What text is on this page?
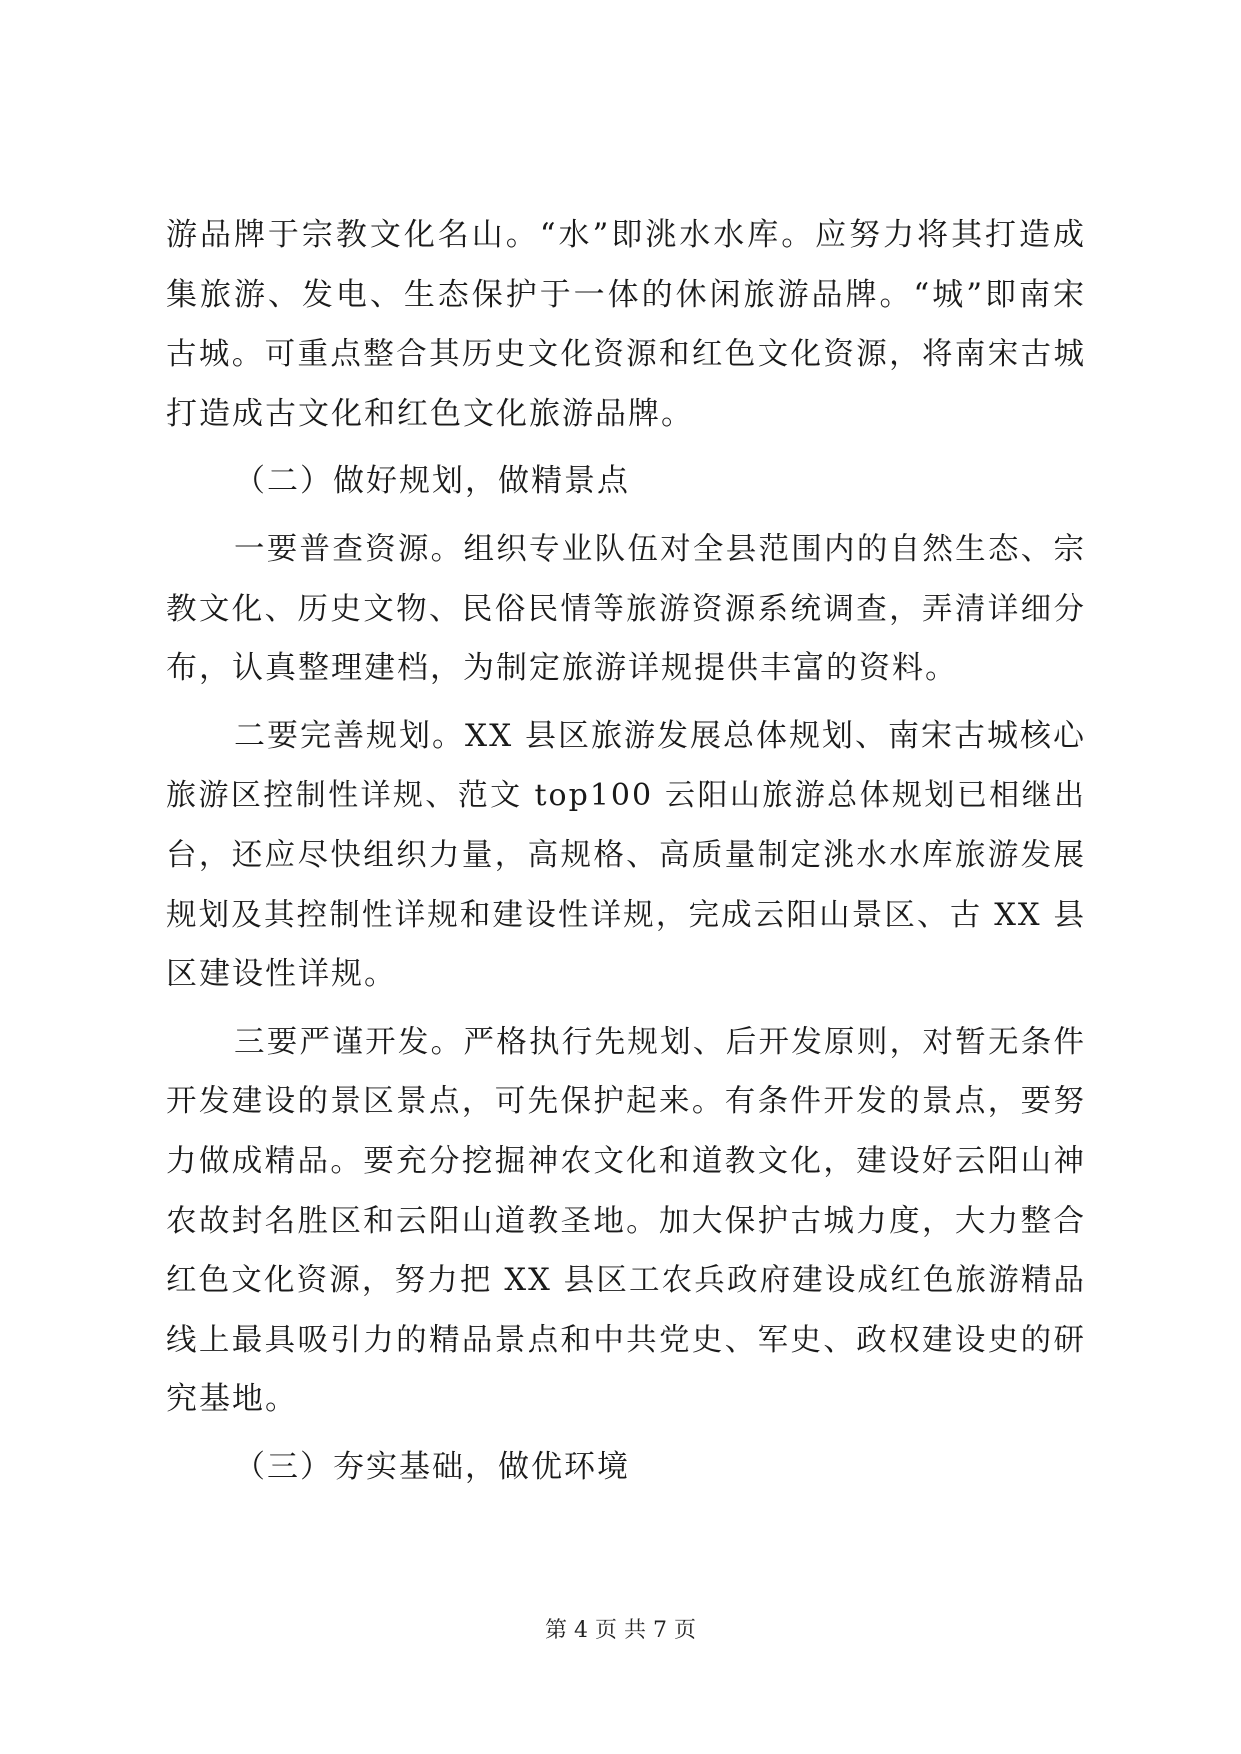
游品牌于宗教文化名山。“水”即洮水水库。应努力将其打造成
集旅游、发电、生态保护于一体的休闲旅游品牌。“城”即南宋
古城。可重点整合其历史文化资源和红色文化资源，将南宋古城
打造成古文化和红色文化旅游品牌。
（二）做好规划，做精景点
一要普查资源。组织专业队伍对全县范围内的自然生态、宗
教文化、历史文物、民俗民情等旅游资源系统调查，弄清详细分
布，认真整理建档，为制定旅游详规提供丰富的资料。
二要完善规划。XX 县区旅游发展总体规划、南宋古城核心
旅游区控制性详规、范文 top100 云阳山旅游总体规划已相继出
台，还应尽快组织力量，高规格、高质量制定洮水水库旅游发展
规划及其控制性详规和建设性详规，完成云阳山景区、古 XX 县
区建设性详规。
三要严谨开发。严格执行先规划、后开发原则，对暂无条件
开发建设的景区景点，可先保护起来。有条件开发的景点，要努
力做成精品。要充分挖掘神农文化和道教文化，建设好云阳山神
农故封名胜区和云阳山道教圣地。加大保护古城力度，大力整合
红色文化资源，努力把 XX 县区工农兵政府建设成红色旅游精品
线上最具吸引力的精品景点和中共党史、军史、政权建设史的研
究基地。
（三）夯实基础，做优环境
第 4 页 共 7 页
